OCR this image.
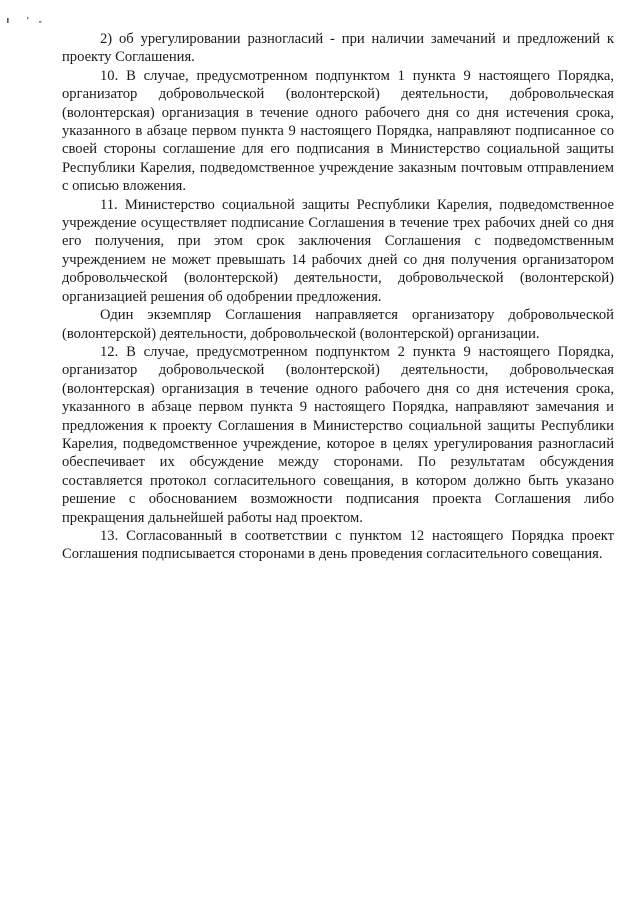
2) об урегулировании разногласий - при наличии замечаний и предложений к проекту Соглашения.

10. В случае, предусмотренном подпунктом 1 пункта 9 настоящего Порядка, организатор добровольческой (волонтерской) деятельности, добровольческая (волонтерская) организация в течение одного рабочего дня со дня истечения срока, указанного в абзаце первом пункта 9 настоящего Порядка, направляют подписанное со своей стороны соглашение для его подписания в Министерство социальной защиты Республики Карелия, подведомственное учреждение заказным почтовым отправлением с описью вложения.

11. Министерство социальной защиты Республики Карелия, подведомственное учреждение осуществляет подписание Соглашения в течение трех рабочих дней со дня его получения, при этом срок заключения Соглашения с подведомственным учреждением не может превышать 14 рабочих дней со дня получения организатором добровольческой (волонтерской) деятельности, добровольческой (волонтерской) организацией решения об одобрении предложения.

Один экземпляр Соглашения направляется организатору добровольческой (волонтерской) деятельности, добровольческой (волонтерской) организации.

12. В случае, предусмотренном подпунктом 2 пункта 9 настоящего Порядка, организатор добровольческой (волонтерской) деятельности, добровольческая (волонтерская) организация в течение одного рабочего дня со дня истечения срока, указанного в абзаце первом пункта 9 настоящего Порядка, направляют замечания и предложения к проекту Соглашения в Министерство социальной защиты Республики Карелия, подведомственное учреждение, которое в целях урегулирования разногласий обеспечивает их обсуждение между сторонами. По результатам обсуждения составляется протокол согласительного совещания, в котором должно быть указано решение с обоснованием возможности подписания проекта Соглашения либо прекращения дальнейшей работы над проектом.

13. Согласованный в соответствии с пунктом 12 настоящего Порядка проект Соглашения подписывается сторонами в день проведения согласительного совещания.
